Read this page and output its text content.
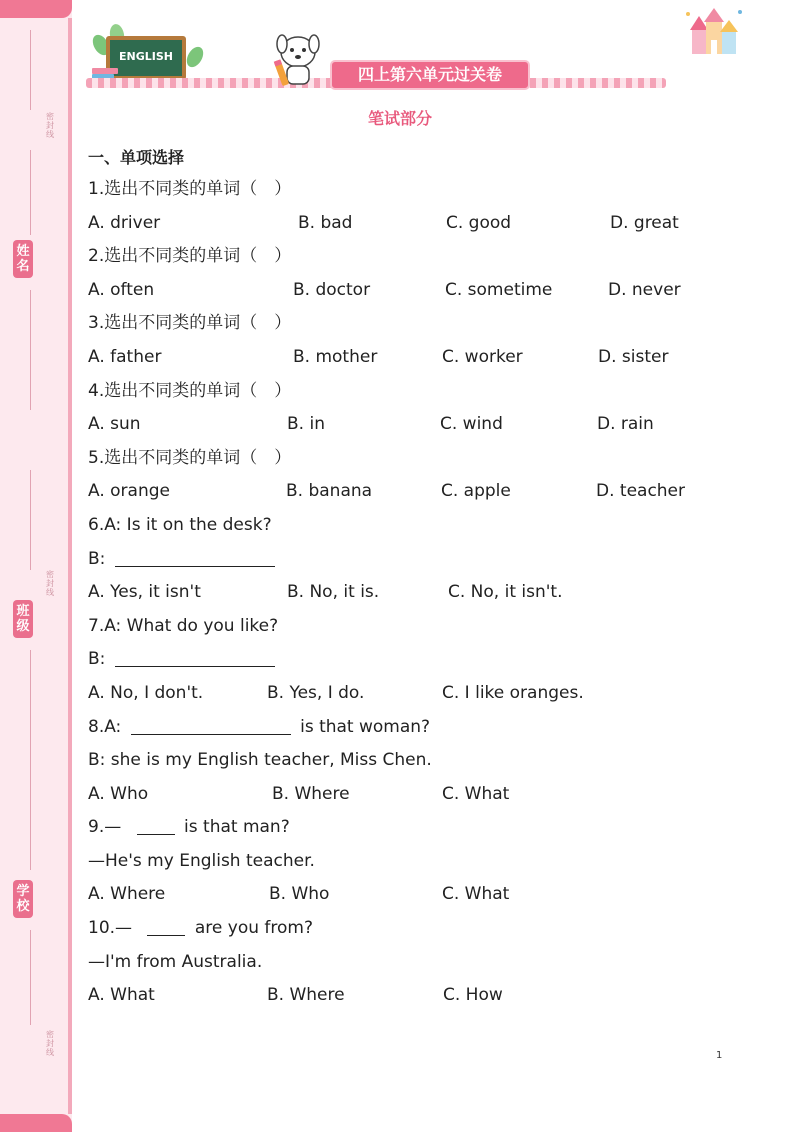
密封线
姓名
密封线
班级
学校
密封线
ENGLISH
四上第六单元过关卷
笔试部分
一、单项选择
1.选出不同类的单词（　）
A. driver	B. bad	C. good	D. great
2.选出不同类的单词（　）
A. often	B. doctor	C. sometime	D. never
3.选出不同类的单词（　）
A. father	B. mother	C. worker	D. sister
4.选出不同类的单词（　）
A. sun	B. in	C. wind	D. rain
5.选出不同类的单词（　）
A. orange	B. banana	C. apple	D. teacher
6.A: Is it on the desk?
B:
A. Yes, it isn't	B. No, it is.	C. No, it isn't.
7.A: What do you like?
B:
A. No, I don't.	B. Yes, I do.	C. I like oranges.
8.A:	is that woman?
B: she is my English teacher, Miss Chen.
A. Who	B. Where	C. What
9.—	is that man?
—He's my English teacher.
A. Where	B. Who	C. What
10.—	are you from?
—I'm from Australia.
A. What	B. Where	C. How
1
